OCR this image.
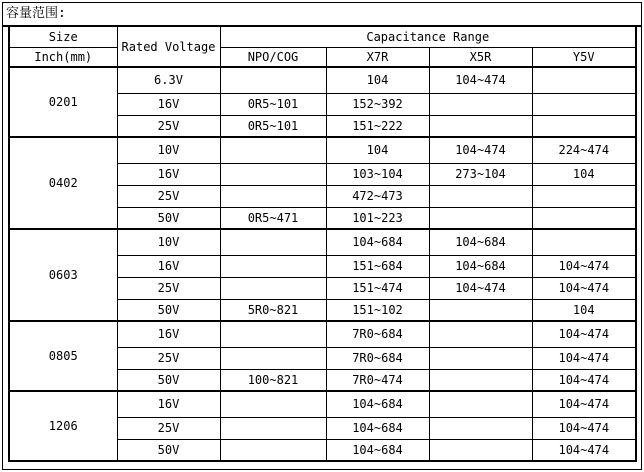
容量范围:
Size	Rated Voltage	Capacitance Range			
Inch(mm)		NPO/COG	X7R	X5R	Y5V
0201	6.3V		104	104~474	
	16V	0R5~101	152~392		
	25V	0R5~101	151~222		
0402	10V		104	104~474	224~474
	16V		103~104	273~104	104
	25V		472~473		
	50V	0R5~471	101~223		
0603	10V		104~684	104~684	
	16V		151~684	104~684	104~474
	25V		151~474	104~474	104~474
	50V	5R0~821	151~102		104
0805	16V		7R0~684		104~474
	25V		7R0~684		104~474
	50V	100~821	7R0~474		104~474
1206	16V		104~684		104~474
	25V		104~684		104~474
	50V		104~684		104~474
